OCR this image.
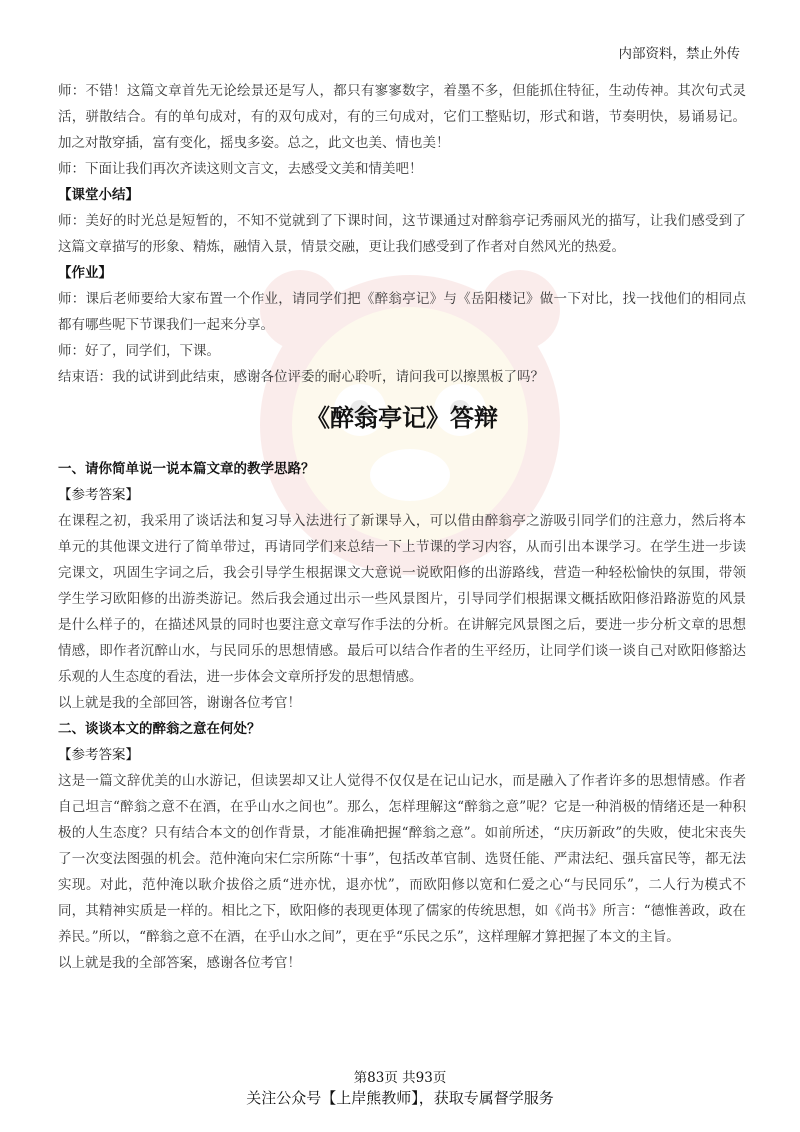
内部资料，禁止外传

师：不错！这篇文章首先无论绘景还是写人，都只有寥寥数字，着墨不多，但能抓住特征，生动传神。其次句式灵活，骈散结合。有的单句成对，有的双句成对，有的三句成对，它们工整贴切，形式和谐，节奏明快，易诵易记。加之对散穿插，富有变化，摇曳多姿。总之，此文也美、情也美！

师：下面让我们再次齐读这则文言文，去感受文美和情美吧！

【课堂小结】

师：美好的时光总是短暂的，不知不觉就到了下课时间，这节课通过对醉翁亭记秀丽风光的描写，让我们感受到了这篇文章描写的形象、精炼，融情入景，情景交融，更让我们感受到了作者对自然风光的热爱。

【作业】

师：课后老师要给大家布置一个作业，请同学们把《醉翁亭记》与《岳阳楼记》做一下对比，找一找他们的相同点都有哪些呢下节课我们一起来分享。

师：好了，同学们，下课。

结束语：我的试讲到此结束，感谢各位评委的耐心聆听，请问我可以擦黑板了吗？

《醉翁亭记》答辩

一、请你简单说一说本篇文章的教学思路？

【参考答案】

在课程之初，我采用了谈话法和复习导入法进行了新课导入，可以借由醉翁亭之游吸引同学们的注意力，然后将本单元的其他课文进行了简单带过，再请同学们来总结一下上节课的学习内容，从而引出本课学习。在学生进一步读完课文，巩固生字词之后，我会引导学生根据课文大意说一说欧阳修的出游路线，营造一种轻松愉快的氛围，带领学生学习欧阳修的出游类游记。然后我会通过出示一些风景图片，引导同学们根据课文概括欧阳修沿路游览的风景是什么样子的，在描述风景的同时也要注意文章写作手法的分析。在讲解完风景图之后，要进一步分析文章的思想情感，即作者沉醉山水，与民同乐的思想情感。最后可以结合作者的生平经历，让同学们谈一谈自己对欧阳修豁达乐观的人生态度的看法，进一步体会文章所抒发的思想情感。

以上就是我的全部回答，谢谢各位考官！

二、谈谈本文的醉翁之意在何处？

【参考答案】

这是一篇文辞优美的山水游记，但读罢却又让人觉得不仅仅是在记山记水，而是融入了作者许多的思想情感。作者自己坦言“醉翁之意不在酒，在乎山水之间也”。那么，怎样理解这“醉翁之意”呢？它是一种消极的情绪还是一种积极的人生态度？只有结合本文的创作背景，才能准确把握“醉翁之意”。如前所述，“庆历新政”的失败，使北宋丧失了一次变法图强的机会。范仲淹向宋仁宗所陈“十事”，包括改革官制、选贤任能、严肃法纪、强兵富民等，都无法实现。对此，范仲淹以耿介拔俗之质“进亦忧，退亦忧”，而欧阳修以宽和仁爱之心“与民同乐”，二人行为模式不同，其精神实质是一样的。相比之下，欧阳修的表现更体现了儒家的传统思想，如《尚书》所言：“德惟善政，政在养民。”所以，“醉翁之意不在酒，在乎山水之间”，更在乎“乐民之乐”，这样理解才算把握了本文的主旨。

以上就是我的全部答案，感谢各位考官！

第83页 共93页
关注公众号【上岸熊教师】，获取专属督学服务
